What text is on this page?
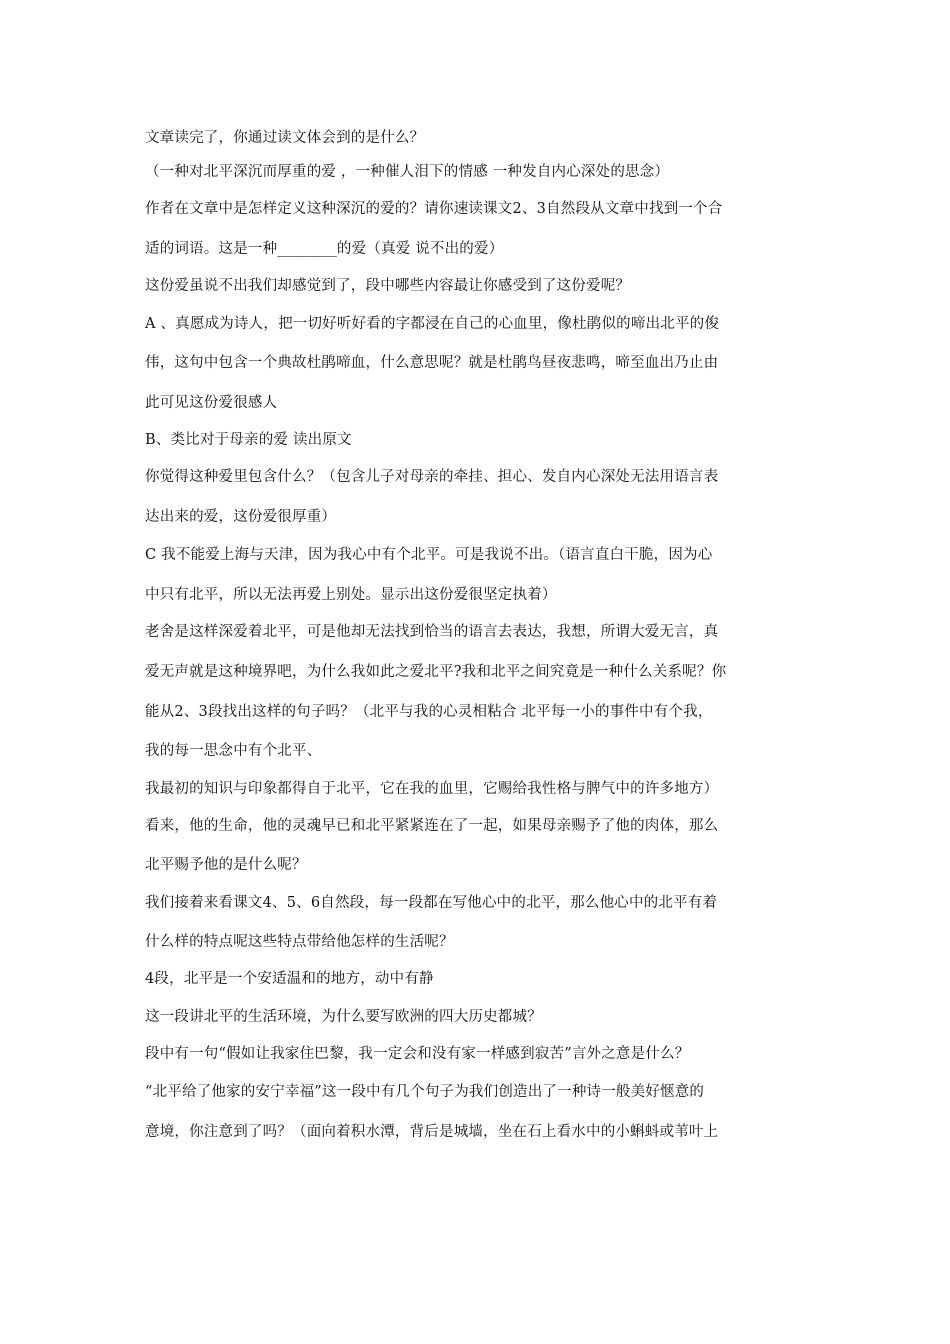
文章读完了，你通过读文体会到的是什么？
（一种对北平深沉而厚重的爱 ，一种催人泪下的情感 一种发自内心深处的思念）
作者在文章中是怎样定义这种深沉的爱的？请你速读课文2、3自然段从文章中找到一个合
适的词语。这是一种________的爱（真爱 说不出的爱）
这份爱虽说不出我们却感觉到了，段中哪些内容最让你感受到了这份爱呢？
A 、真愿成为诗人，把一切好听好看的字都浸在自己的心血里，像杜鹃似的啼出北平的俊
伟，这句中包含一个典故杜鹃啼血，什么意思呢？就是杜鹃鸟昼夜悲鸣，啼至血出乃止由
此可见这份爱很感人
B、类比对于母亲的爱 读出原文
你觉得这种爱里包含什么？（包含儿子对母亲的牵挂、担心、发自内心深处无法用语言表
达出来的爱，这份爱很厚重）
C 我不能爱上海与天津，因为我心中有个北平。可是我说不出。（语言直白干脆，因为心
中只有北平，所以无法再爱上别处。显示出这份爱很坚定执着）
老舍是这样深爱着北平，可是他却无法找到恰当的语言去表达，我想，所谓大爱无言，真
爱无声就是这种境界吧，为什么我如此之爱北平?我和北平之间究竟是一种什么关系呢？你
能从2、3段找出这样的句子吗？（北平与我的心灵相粘合 北平每一小的事件中有个我，
我的每一思念中有个北平、
我最初的知识与印象都得自于北平，它在我的血里，它赐给我性格与脾气中的许多地方）
看来，他的生命，他的灵魂早已和北平紧紧连在了一起，如果母亲赐予了他的肉体，那么
北平赐予他的是什么呢？
我们接着来看课文4、5、6自然段，每一段都在写他心中的北平，那么他心中的北平有着
什么样的特点呢这些特点带给他怎样的生活呢？
4段，北平是一个安适温和的地方，动中有静
这一段讲北平的生活环境，为什么要写欧洲的四大历史都城？
段中有一句“假如让我家住巴黎，我一定会和没有家一样感到寂苦”言外之意是什么？
“北平给了他家的安宁幸福”这一段中有几个句子为我们创造出了一种诗一般美好惬意的
意境，你注意到了吗？（面向着积水潭，背后是城墙，坐在石上看水中的小蝌蚪或苇叶上
